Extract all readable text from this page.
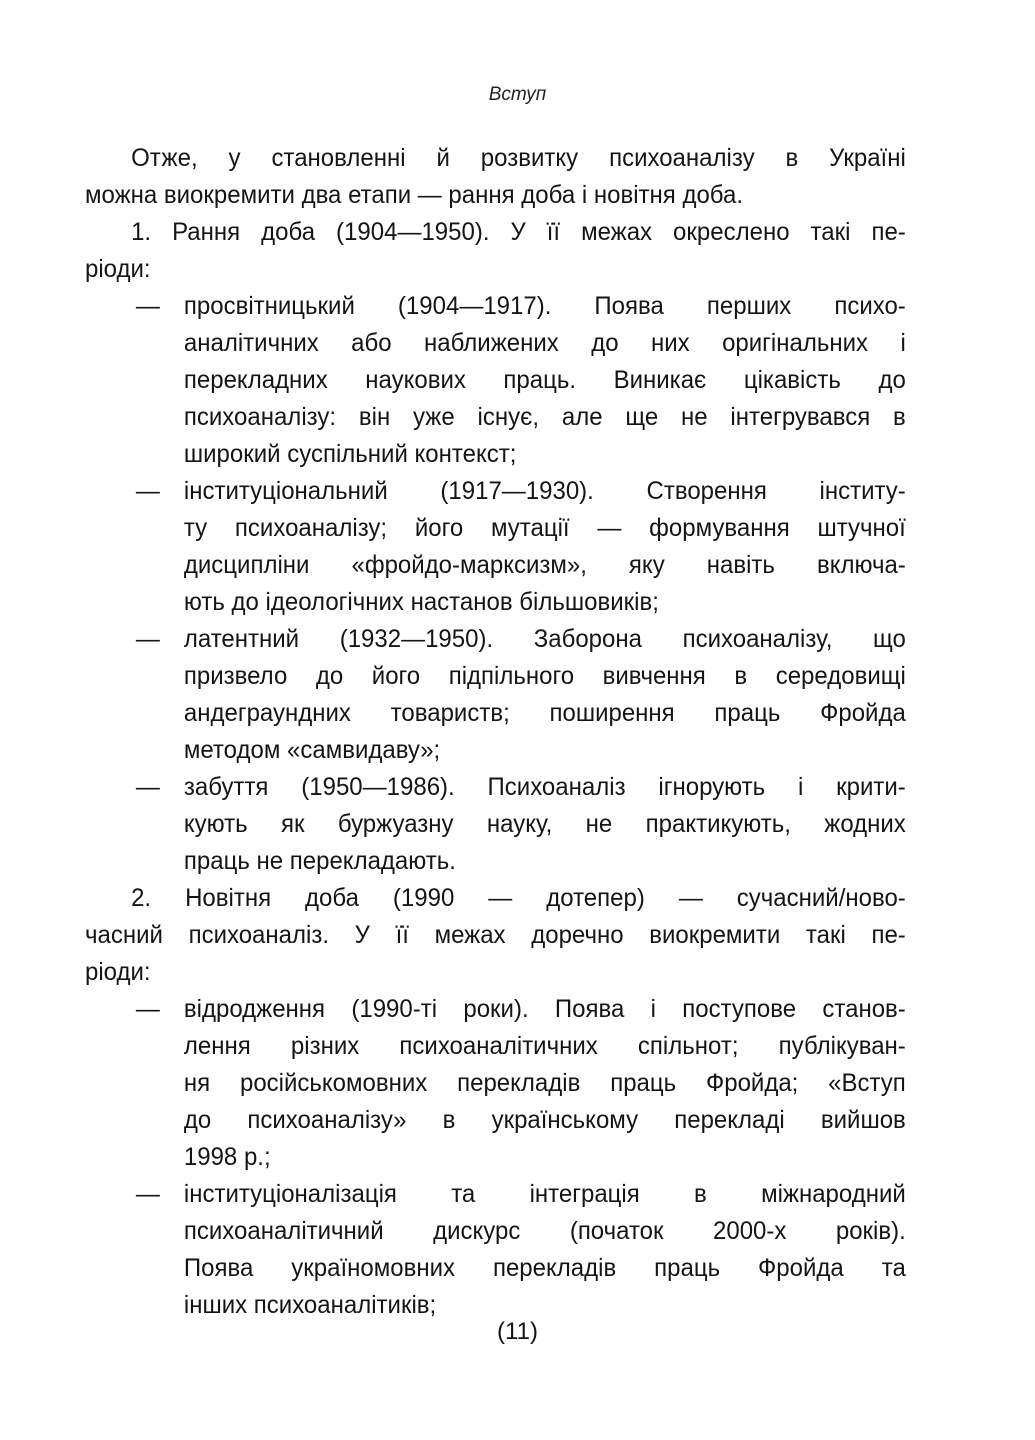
Вступ

Отже, у становленні й розвитку психоаналізу в Україні
можна виокремити два етапи — рання доба і новітня доба.

1. Рання доба (1904—1950). У її межах окреслено такі пе-
ріоди:

— просвітницький (1904—1917). Поява перших психо-
аналітичних або наближених до них оригінальних і
перекладних наукових праць. Виникає цікавість до
психоаналізу: він уже існує, але ще не інтегрувався в
широкий суспільний контекст;

— інституціональний (1917—1930). Створення інститу-
ту психоаналізу; його мутації — формування штучної
дисципліни «фройдо-марксизм», яку навіть включа-
ють до ідеологічних настанов більшовиків;

— латентний (1932—1950). Заборона психоаналізу, що
призвело до його підпільного вивчення в середовищі
андеграундних товариств; поширення праць Фройда
методом «самвидаву»;

— забуття (1950—1986). Психоаналіз ігнорують і крити-
кують як буржуазну науку, не практикують, жодних
праць не перекладають.

2. Новітня доба (1990 — дотепер) — сучасний/ново-
часний психоаналіз. У її межах доречно виокремити такі пе-
ріоди:

— відродження (1990-ті роки). Поява і поступове станов-
лення різних психоаналітичних спільнот; публікуван-
ня російськомовних перекладів праць Фройда; «Вступ
до психоаналізу» в українському перекладі вийшов
1998 р.;

— інституціоналізація та інтеграція в міжнародний
психоаналітичний дискурс (початок 2000-х років).
Поява україномовних перекладів праць Фройда та
інших психоаналітиків;

(11)
